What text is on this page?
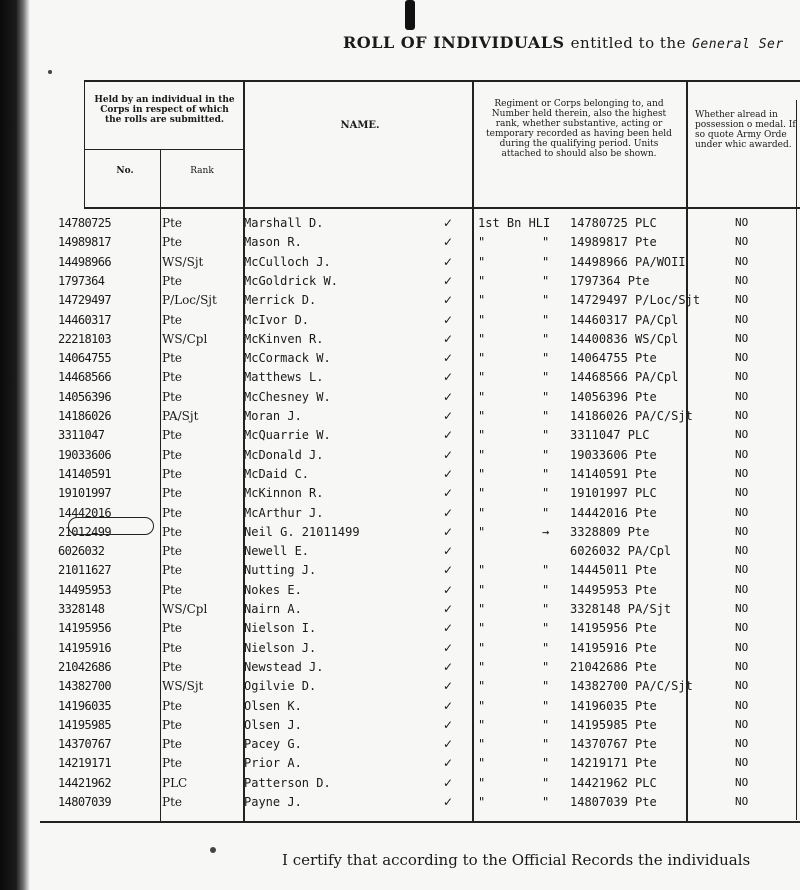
ROLL OF INDIVIDUALS entitled to the General Ser
Held by an individual in the Corps in respect of which the rolls are submitted.
No.	Rank
NAME.
Regiment or Corps belonging to, and Number held therein, also the highest rank, whether substantive, acting or temporary recorded as having been held during the qualifying period. Units attached to should also be shown.
Whether alread in possession o medal. If so quote Army Orde under whic awarded.
14780725	Pte	Marshall D.	✓ 1st Bn HLI 14780725 PLC	NO
14989817	Pte	Mason R.	✓ "	" 14989817 Pte	NO
14498966	WS/Sjt	McCulloch J.	✓ "	" 14498966 PA/WOII	NO
1797364	Pte	McGoldrick W.	✓ "	" 1797364 Pte	NO
14729497	P/Loc/Sjt Merrick D.	✓ "	" 14729497 P/Loc/Sjt	NO
14460317	Pte	McIvor D.	✓ "	" 14460317 PA/Cpl	NO
22218103	WS/Cpl	McKinven R.	✓ "	" 14400836 WS/Cpl	NO
14064755	Pte	McCormack W.	✓ "	" 14064755 Pte	NO
14468566	Pte	Matthews L.	✓ "	" 14468566 PA/Cpl	NO
14056396	Pte	McChesney W.	✓ "	" 14056396 Pte	NO
14186026	PA/Sjt	Moran J.	✓ "	" 14186026 PA/C/Sjt	NO
3311047	Pte	McQuarrie W.	✓ "	" 3311047 PLC	NO
19033606	Pte	McDonald J.	✓ "	" 19033606 Pte	NO
14140591	Pte	McDaid C.	✓ "	" 14140591 Pte	NO
19101997	Pte	McKinnon R.	✓ "	" 19101997 PLC	NO
14442016	Pte	McArthur J.	✓ "	" 14442016 Pte	NO
21012499	Pte	Neil G. 21011499	✓ "	→ 3328809 Pte	NO
6026032	Pte	Newell E.	✓	6026032 PA/Cpl	NO
21011627	Pte	Nutting J.	✓ "	" 14445011 Pte	NO
14495953	Pte	Nokes E.	✓ "	" 14495953 Pte	NO
3328148	WS/Cpl	Nairn A.	✓ "	" 3328148 PA/Sjt	NO
14195956	Pte	Nielson I.	✓ "	" 14195956 Pte	NO
14195916	Pte	Nielson J.	✓ "	" 14195916 Pte	NO
21042686	Pte	Newstead J.	✓ "	" 21042686 Pte	NO
14382700	WS/Sjt	Ogilvie D.	✓ "	" 14382700 PA/C/Sjt	NO
14196035	Pte	Olsen K.	✓ "	" 14196035 Pte	NO
14195985	Pte	Olsen J.	✓ "	" 14195985 Pte	NO
14370767	Pte	Pacey G.	✓ "	" 14370767 Pte	NO
14219171	Pte	Prior A.	✓ "	" 14219171 Pte	NO
14421962	PLC	Patterson D.	✓ "	" 14421962 PLC	NO
14807039	Pte	Payne J.	✓ "	" 14807039 Pte	NO
I certify that according to the Official Records the individuals
